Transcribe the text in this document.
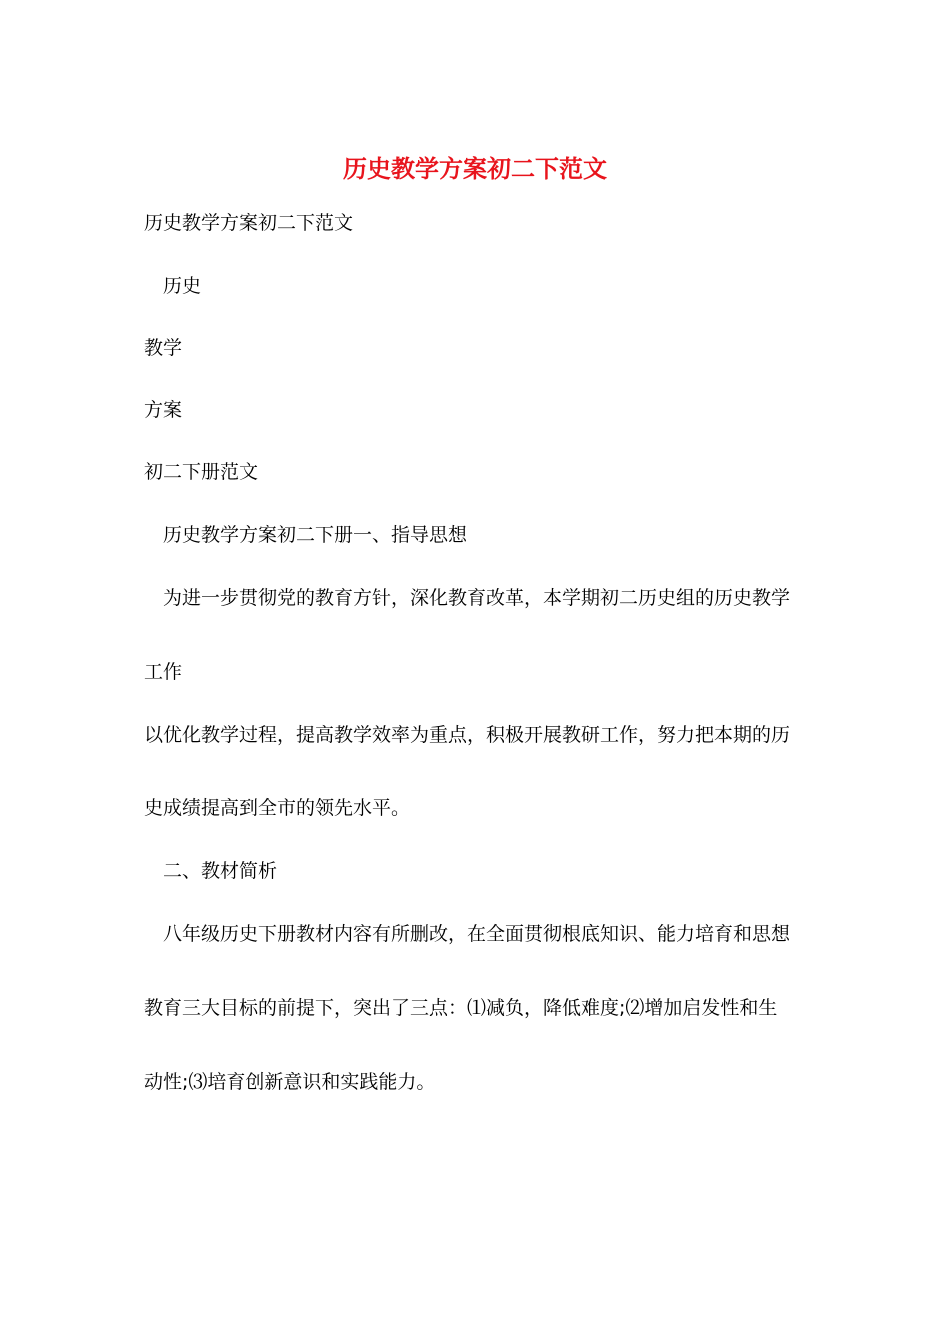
历史教学方案初二下范文

历史教学方案初二下范文

历史

教学

方案

初二下册范文

历史教学方案初二下册一、指导思想

为进一步贯彻党的教育方针，深化教育改革，本学期初二历史组的历史教学

工作

以优化教学过程，提高教学效率为重点，积极开展教研工作，努力把本期的历

史成绩提高到全市的领先水平。

二、教材简析

八年级历史下册教材内容有所删改，在全面贯彻根底知识、能力培育和思想

教育三大目标的前提下，突出了三点：⑴减负，降低难度;⑵增加启发性和生

动性;⑶培育创新意识和实践能力。
